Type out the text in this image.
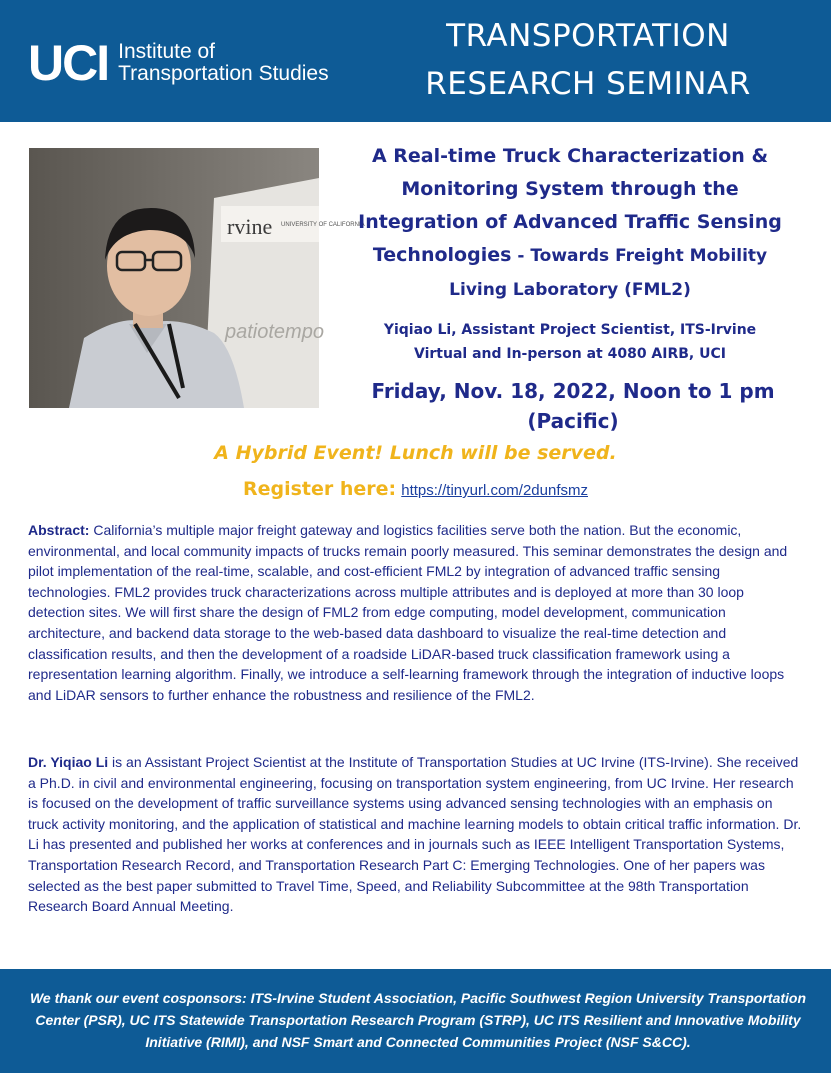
UCI Institute of
Transportation Studies
TRANSPORTATION
RESEARCH SEMINAR
rvine UNIVERSITY OF CALIFORNIA
patiotempo
A Real-time Truck Characterization &
Monitoring System through the
Integration of Advanced Traffic Sensing
Technologies - Towards Freight Mobility
Living Laboratory (FML2)
Yiqiao Li, Assistant Project Scientist, ITS-Irvine
Virtual and In-person at 4080 AIRB, UCI
Friday, Nov. 18, 2022, Noon to 1 pm (Pacific)
A Hybrid Event! Lunch will be served.
Register here: https://tinyurl.com/2dunfsmz
Abstract: California’s multiple major freight gateway and logistics facilities serve both the nation. But the economic, environmental, and local community impacts of trucks remain poorly measured. This seminar demonstrates the design and pilot implementation of the real-time, scalable, and cost-efficient FML2 by integration of advanced traffic sensing technologies. FML2 provides truck characterizations across multiple attributes and is deployed at more than 30 loop detection sites. We will first share the design of FML2 from edge computing, model development, communication architecture, and backend data storage to the web-based data dashboard to visualize the real-time detection and classification results, and then the development of a roadside LiDAR-based truck classification framework using a representation learning algorithm. Finally, we introduce a self-learning framework through the integration of inductive loops and LiDAR sensors to further enhance the robustness and resilience of the FML2.
Dr. Yiqiao Li is an Assistant Project Scientist at the Institute of Transportation Studies at UC Irvine (ITS-Irvine). She received a Ph.D. in civil and environmental engineering, focusing on transportation system engineering, from UC Irvine. Her research is focused on the development of traffic surveillance systems using advanced sensing technologies with an emphasis on truck activity monitoring, and the application of statistical and machine learning models to obtain critical traffic information. Dr. Li has presented and published her works at conferences and in journals such as IEEE Intelligent Transportation Systems, Transportation Research Record, and Transportation Research Part C: Emerging Technologies. One of her papers was selected as the best paper submitted to Travel Time, Speed, and Reliability Subcommittee at the 98th Transportation Research Board Annual Meeting.
We thank our event cosponsors: ITS-Irvine Student Association, Pacific Southwest Region University Transportation Center (PSR), UC ITS Statewide Transportation Research Program (STRP), UC ITS Resilient and Innovative Mobility Initiative (RIMI), and NSF Smart and Connected Communities Project (NSF S&CC).
